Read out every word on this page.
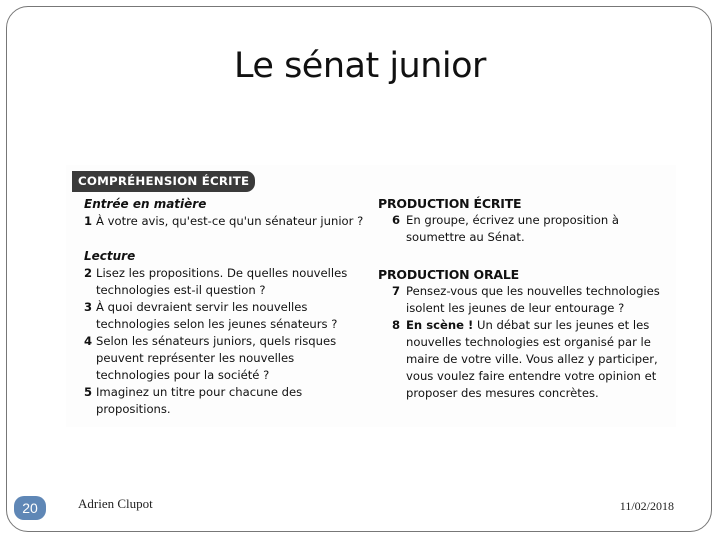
Le sénat junior
COMPRÉHENSION ÉCRITE
Entrée en matière
1 À votre avis, qu'est-ce qu'un sénateur junior ?
Lecture
2 Lisez les propositions. De quelles nouvelles technologies est-il question ?
3 À quoi devraient servir les nouvelles technologies selon les jeunes sénateurs ?
4 Selon les sénateurs juniors, quels risques peuvent représenter les nouvelles technologies pour la société ?
5 Imaginez un titre pour chacune des propositions.
PRODUCTION ÉCRITE
6 En groupe, écrivez une proposition à soumettre au Sénat.
PRODUCTION ORALE
7 Pensez-vous que les nouvelles technologies isolent les jeunes de leur entourage ?
8 En scène ! Un débat sur les jeunes et les nouvelles technologies est organisé par le maire de votre ville. Vous allez y participer, vous voulez faire entendre votre opinion et proposer des mesures concrètes.
20	Adrien Clupot	11/02/2018
